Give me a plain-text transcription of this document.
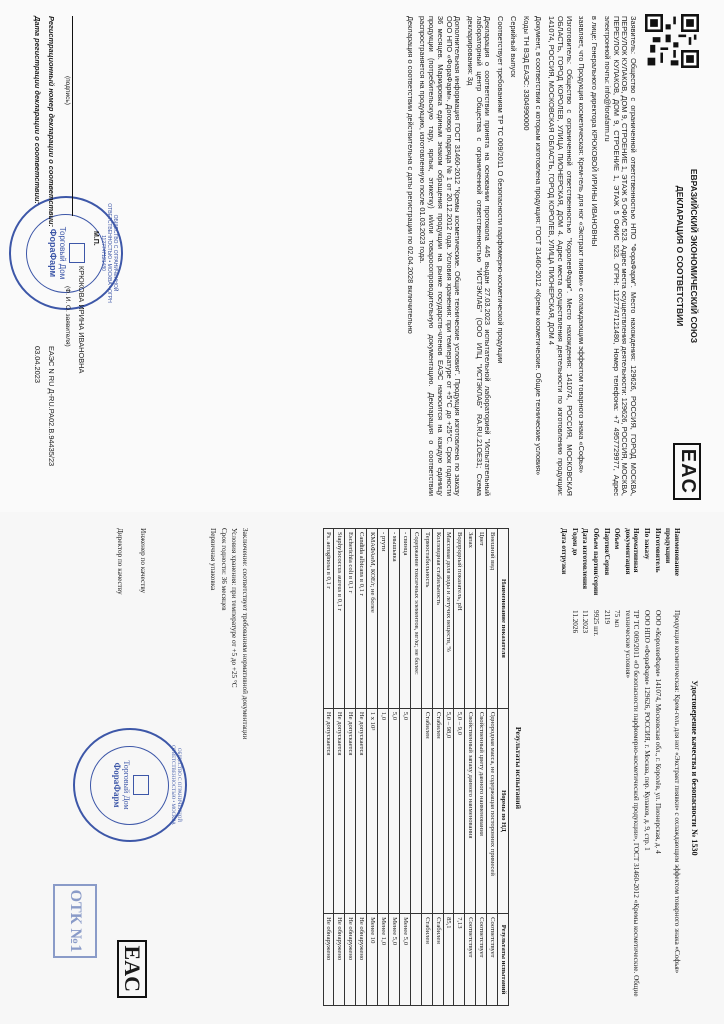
ЕВРАЗИЙСКИЙ ЭКОНОМИЧЕСКИЙ СОЮЗ
ДЕКЛАРАЦИЯ О СООТВЕТСТВИИ
EAC

Заявитель: Общество с ограниченной ответственностью НПО "ФораФарм". Место нахождения: 129626, РОССИЯ, ГОРОД МОСКВА, ПЕРЕУЛОК КУЛАКОВ, ДОМ 9, СТРОЕНИЕ 1, ЭТАЖ 5 ОФИС 523. Адрес места осуществления деятельности: 129626, РОССИЯ, МОСКВА, ПЕРЕУЛОК КУЛАКОВ, ДОМ 9, СТРОЕНИЕ 1, ЭТАЖ 5 ОФИС 523. ОГРН: 1127747121480, Номер телефона: +7 4957729977, Адрес электронной почты: info@forafarm.ru

в лице: Генерального директора КРЮКОВОЙ ИРИНЫ ИВАНОВНЫ

заявляет, что Продукция косметическая: Крем-гель для ног «Экстракт пиявки» с охлаждающим эффектом товарного знака «Софья»

Изготовитель: Общество с ограниченной ответственностью "КоролевФарм". Место нахождения: 141074, РОССИЯ, МОСКОВСКАЯ ОБЛАСТЬ, ГОРОД КОРОЛЕВ, УЛИЦА ПИОНЕРСКАЯ, ДОМ 4. Адрес места осуществления деятельности по изготовлению продукции: 141074, РОССИЯ, МОСКОВСКАЯ ОБЛАСТЬ, ГОРОД КОРОЛЕВ, УЛИЦА ПИОНЕРСКАЯ, ДОМ 4

Документ, в соответствии с которым изготовлена продукция: ГОСТ 31460-2012 «Кремы косметические. Общие технические условия»

Коды ТН ВЭД ЕАЭС: 3304990000

Серийный выпуск

Соответствует требованиям ТР ТС 009/2011 О безопасности парфюмерно-косметической продукции

Декларация о соответствии принята на основании протокола 445 выдан 27.03.2023 испытательной лабораторией "Испытательный лабораторный центр Общества с ограниченной ответственностью "ИСТЭКЛАБ" (ООО ИЛЦ "ИСТЭКЛАБ" RA.RU.21ОЕ31; Схема декларирования: 3д

Дополнительная информация ГОСТ 31460-2012 "Кремы косметические. Общие технические условия". Продукция изготовлена по заказу ООО НПО «ФораФарм». Договор подряда № 1 от 20.12.2012 года. Условия хранения: при температуре от +5°С до +25°С. Срок годности 36 месяцев. Маркировка единым знаком обращения продукции на рынке государств-членов ЕАЭС наносится на каждую единицу продукции (потребительскую тару, ярлык, этикетку) и/или товаросопроводительную документацию. Декларация о соответствии распространяется на продукцию, изготовленную после 01.03.2023 года.

Декларация о соответствии действительна с даты регистрации по 02.04.2028 включительно

ОБЩЕСТВО С ОГРАНИЧЕННОЙ ОТВЕТСТВЕННОСТЬЮ • МОСКВА • ОГРН 1127747121480
Торговый Дом
ФораФарм
(подпись)
М.П.
КРЮКОВА ИРИНА ИВАНОВНА
(Ф. И. О. заявителя)
Регистрационный номер декларации о соответствии:
ЕАЭС N RU Д-RU.РА02.В.94435/23
Дата регистрации декларации о соответствии:
03.04.2023
Удостоверение качества и безопасности № 1530
Наименование продукции
Продукция косметическая: Крем-гель для ног «Экстракт пиявки» с охлаждающим эффектом товарного знака «Софья»
Изготовитель
ООО «КоролевФарм» 141074, Московская обл., г. Королёв, ул. Пионерская, д. 4
По заказу
ООО НПО «ФораФарм» 129626, РОССИЯ, г. Москва, пер. Кулаков, д. 9, стр. 1
Нормативная документация
ТР ТС 009/2011 «О безопасности парфюмерно-косметической продукции», ГОСТ 31460-2012 «Кремы косметические. Общие технические условия»
Объем
75 мл
Партия/Серия
2119
Объем партии/серии
9925 шт.
Дата изготовления
11.2023
Годен до
11.2026
Дата отгрузки
Результаты испытаний
Наименование показателя	Нормы по НД	Результаты испытаний
Внешний вид	Однородная масса, не содержащая посторонних примесей	Соответствует
Цвет	Свойственный цвету данного наименования	Соответствует
Запах	Свойственный запаху данного наименования	Соответствует
Водородный показатель, pH	5,0 – 9,0	7,13
Массовая доля воды и летучих веществ, %	5,0 – 98,0	85,1
Коллоидная стабильность	Стабилен	Стабилен
Термостабильность	Стабилен	Стабилен
Содержание токсичных элементов, мг/кг, не более:		
- свинца	5,0	Менее 5,0
- мышьяка	5,0	Менее 5,0
- ртути	1,0	Менее 1,0
КМАФАнМ, КОЕ/г, не более	1 х 10³	Менее 10
Candida albicans в 0,1 г	Не допускается	Не обнаружено
Escherichia coli в 0,1 г	Не допускается	Не обнаружено
Staphylococcus aureus в 0,1 г	Не допускается	Не обнаружено
Ps. aeruginosa в 0,1 г	Не допускается	Не обнаружено

Заключение: соответствует требованиям нормативной документации

Условия хранения: при температуре от +5 до +25 °С

Срок годности: 36 месяцев

Первичная упаковка

Инженер по качеству
Директор по качеству
ОБЩЕСТВО С ОГРАНИЧЕННОЙ ОТВЕТСТВЕННОСТЬЮ • МОСКВА
Торговый Дом
ФораФарм
EAC
ОТК №1
